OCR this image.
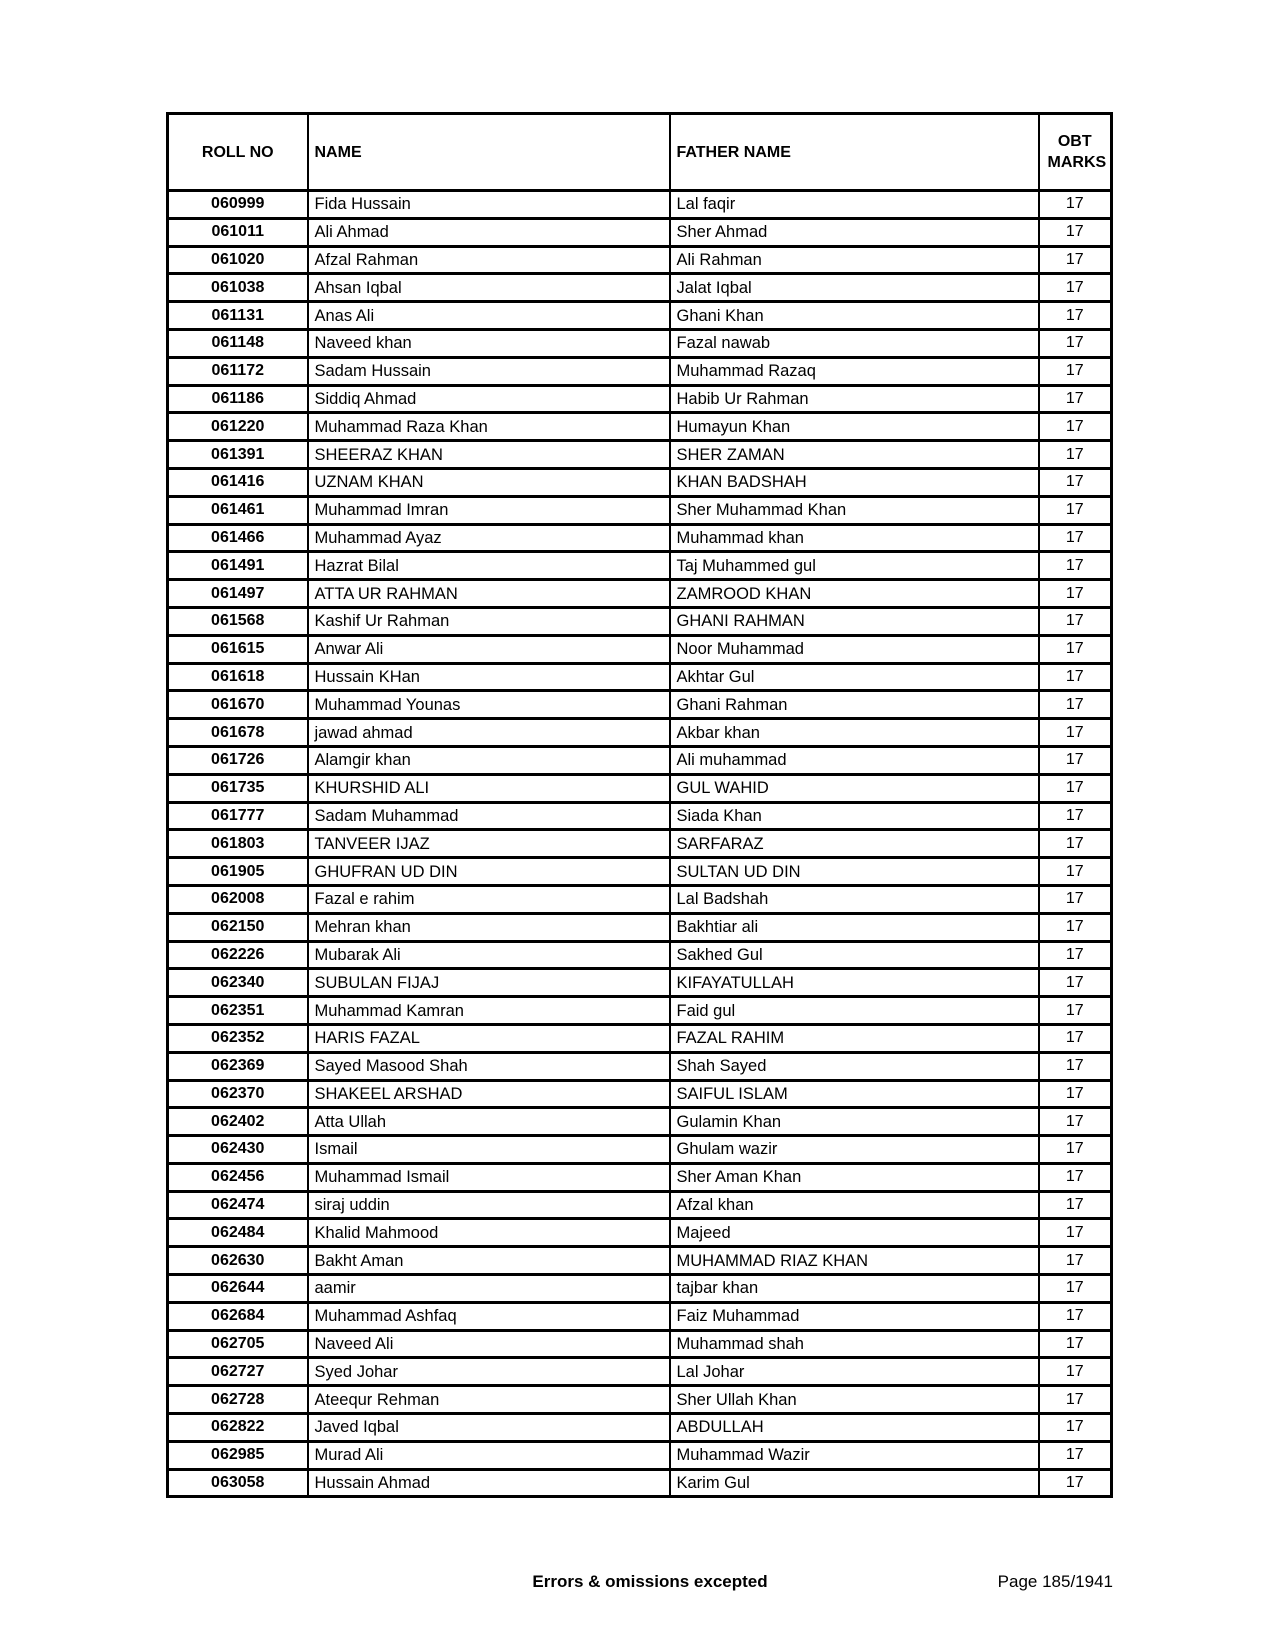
ROLL NO	NAME	FATHER NAME	OBT MARKS
060999	Fida Hussain	Lal faqir	17
061011	Ali Ahmad	Sher Ahmad	17
061020	Afzal Rahman	Ali Rahman	17
061038	Ahsan Iqbal	Jalat Iqbal	17
061131	Anas Ali	Ghani Khan	17
061148	Naveed khan	Fazal nawab	17
061172	Sadam Hussain	Muhammad Razaq	17
061186	Siddiq Ahmad	Habib Ur Rahman	17
061220	Muhammad Raza Khan	Humayun Khan	17
061391	SHEERAZ KHAN	SHER ZAMAN	17
061416	UZNAM KHAN	KHAN BADSHAH	17
061461	Muhammad Imran	Sher Muhammad Khan	17
061466	Muhammad Ayaz	Muhammad khan	17
061491	Hazrat Bilal	Taj Muhammed gul	17
061497	ATTA UR RAHMAN	ZAMROOD KHAN	17
061568	Kashif Ur Rahman	GHANI RAHMAN	17
061615	Anwar Ali	Noor Muhammad	17
061618	Hussain KHan	Akhtar Gul	17
061670	Muhammad Younas	Ghani Rahman	17
061678	jawad ahmad	Akbar khan	17
061726	Alamgir khan	Ali muhammad	17
061735	KHURSHID ALI	GUL WAHID	17
061777	Sadam Muhammad	Siada Khan	17
061803	TANVEER IJAZ	SARFARAZ	17
061905	GHUFRAN UD DIN	SULTAN UD DIN	17
062008	Fazal e rahim	Lal Badshah	17
062150	Mehran khan	Bakhtiar ali	17
062226	Mubarak Ali	Sakhed Gul	17
062340	SUBULAN FIJAJ	KIFAYATULLAH	17
062351	Muhammad Kamran	Faid gul	17
062352	HARIS FAZAL	FAZAL RAHIM	17
062369	Sayed Masood Shah	Shah Sayed	17
062370	SHAKEEL ARSHAD	SAIFUL ISLAM	17
062402	Atta Ullah	Gulamin Khan	17
062430	Ismail	Ghulam wazir	17
062456	Muhammad Ismail	Sher Aman Khan	17
062474	siraj uddin	Afzal khan	17
062484	Khalid Mahmood	Majeed	17
062630	Bakht Aman	MUHAMMAD RIAZ KHAN	17
062644	aamir	tajbar khan	17
062684	Muhammad Ashfaq	Faiz Muhammad	17
062705	Naveed Ali	Muhammad shah	17
062727	Syed Johar	Lal Johar	17
062728	Ateequr Rehman	Sher Ullah Khan	17
062822	Javed Iqbal	ABDULLAH	17
062985	Murad Ali	Muhammad Wazir	17
063058	Hussain Ahmad	Karim Gul	17
Errors & omissions excepted	Page 185/1941
